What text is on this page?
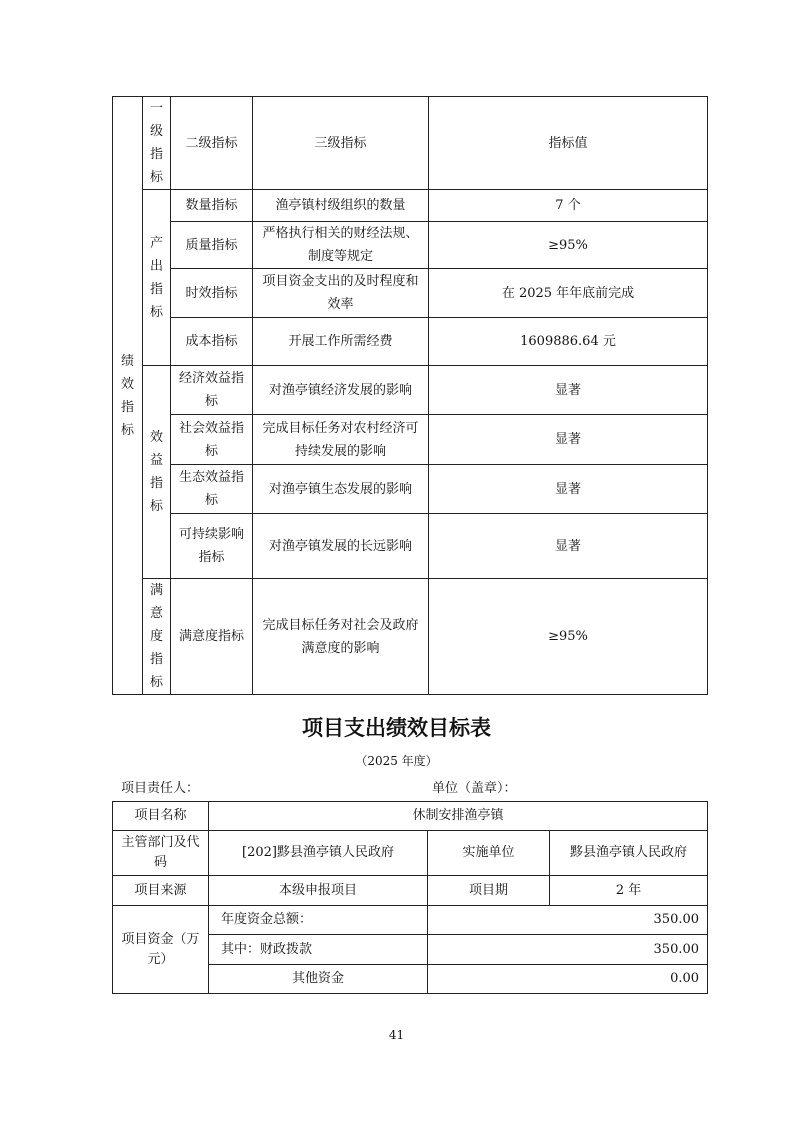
绩效指标	一级指标	二级指标	三级指标	指标值

	产出指标	数量指标	渔亭镇村级组织的数量	7 个
		质量指标	严格执行相关的财经法规、制度等规定	≥95%
		时效指标	项目资金支出的及时程度和效率	在 2025 年年底前完成
		成本指标	开展工作所需经费	1609886.64 元

	效益指标	经济效益指标	对渔亭镇经济发展的影响	显著
		社会效益指标	完成目标任务对农村经济可持续发展的影响	显著
		生态效益指标	对渔亭镇生态发展的影响	显著
		可持续影响指标	对渔亭镇发展的长远影响	显著

	满意度指标	满意度指标	完成目标任务对社会及政府满意度的影响	≥95%
项目支出绩效目标表
（2025 年度）
项目责任人：	单位（盖章）：
项目名称	休制安排渔亭镇		
主管部门及代码	[202]黟县渔亭镇人民政府	实施单位	黟县渔亭镇人民政府
项目来源	本级申报项目	项目期	2 年
项目资金（万元）	年度资金总额：	350.00	
	其中：财政拨款	350.00	
	其他资金	0.00	
41
